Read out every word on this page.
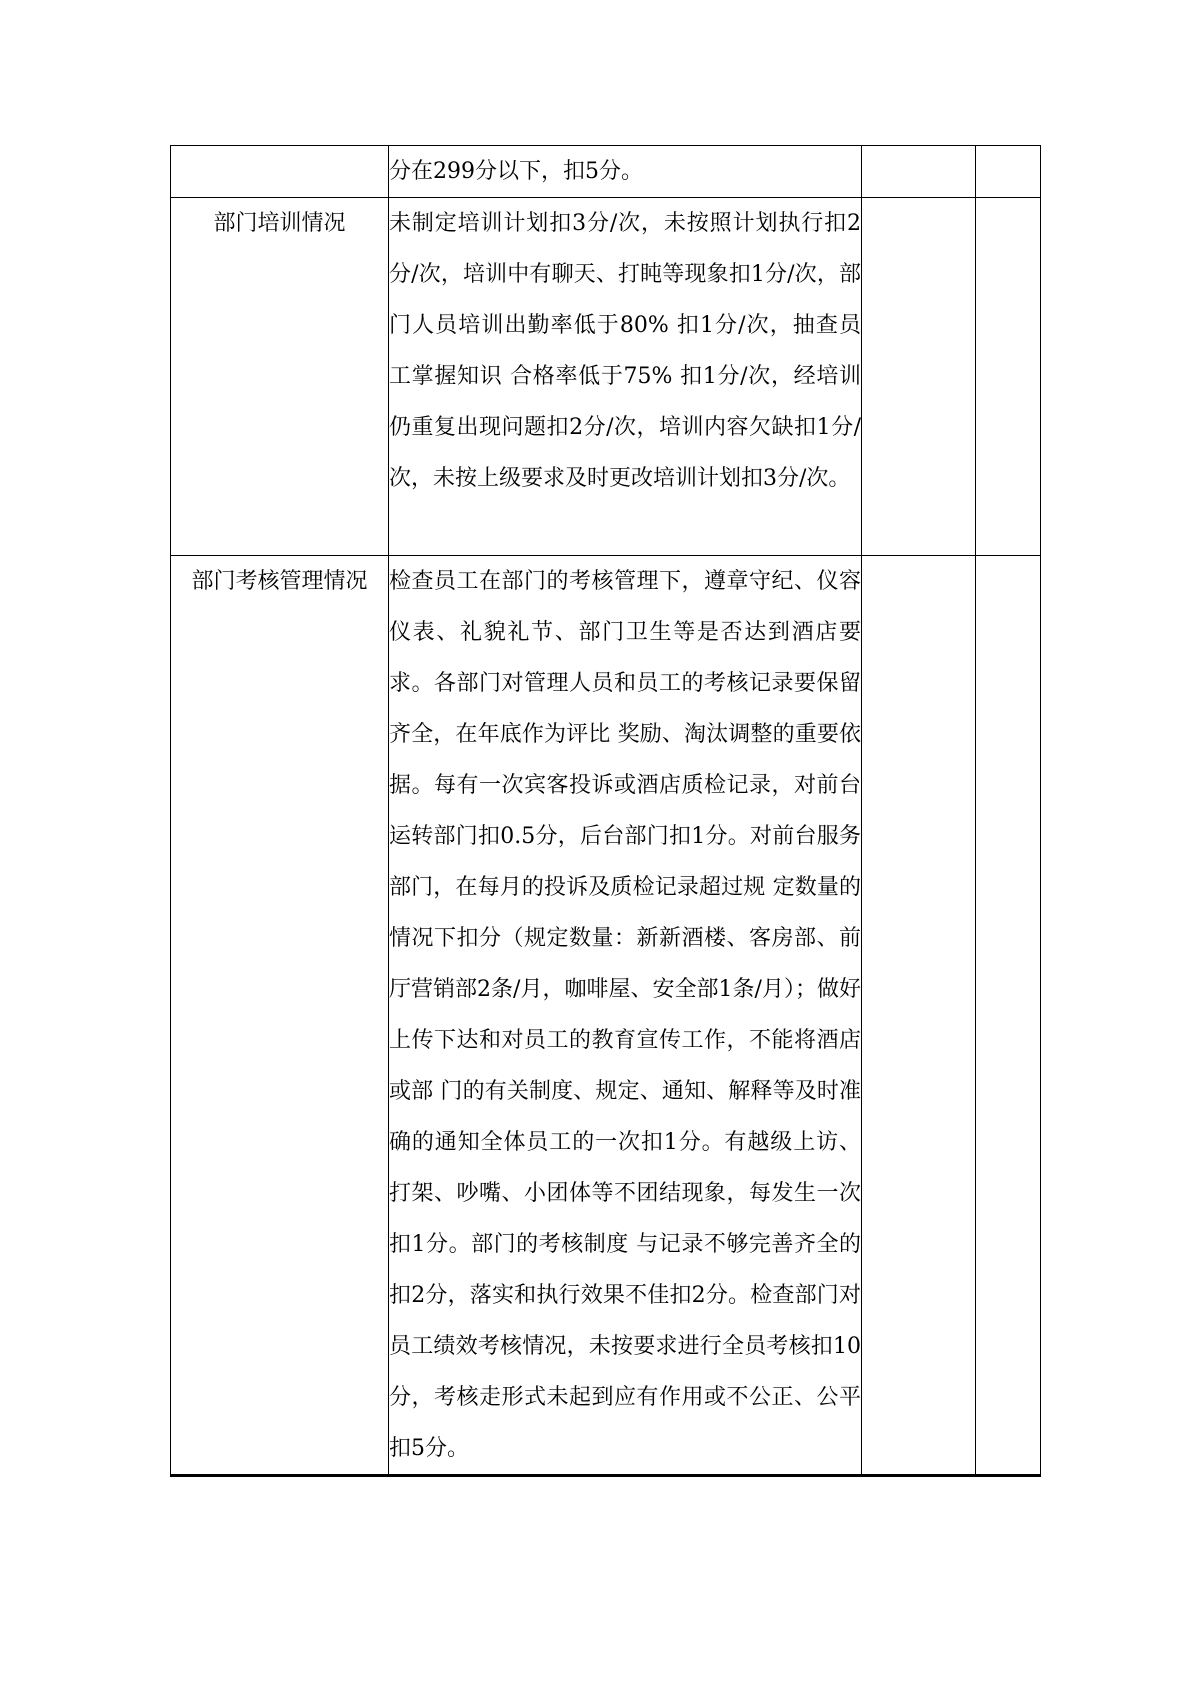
	分在299分以下，扣5分。		
部门培训情况	未制定培训计划扣3分/次，未按照计划执行扣2分/次，培训中有聊天、打盹等现象扣1分/次，部门人员培训出勤率低于80% 扣1分/次，抽查员工掌握知识 合格率低于75% 扣1分/次，经培训仍重复出现问题扣2分/次，培训内容欠缺扣1分/次，未按上级要求及时更改培训计划扣3分/次。		
部门考核管理情况	检查员工在部门的考核管理下，遵章守纪、仪容仪表、礼貌礼节、部门卫生等是否达到酒店要求。各部门对管理人员和员工的考核记录要保留齐全，在年底作为评比 奖励、淘汰调整的重要依据。每有一次宾客投诉或酒店质检记录，对前台运转部门扣0.5分，后台部门扣1分。对前台服务部门，在每月的投诉及质检记录超过规 定数量的情况下扣分（规定数量：新新酒楼、客房部、前厅营销部2条/月，咖啡屋、安全部1条/月）；做好上传下达和对员工的教育宣传工作，不能将酒店或部 门的有关制度、规定、通知、解释等及时准确的通知全体员工的一次扣1分。有越级上访、打架、吵嘴、小团体等不团结现象，每发生一次扣1分。部门的考核制度 与记录不够完善齐全的扣2分，落实和执行效果不佳扣2分。检查部门对员工绩效考核情况，未按要求进行全员考核扣10分，考核走形式未起到应有作用或不公正、公平扣5分。		
